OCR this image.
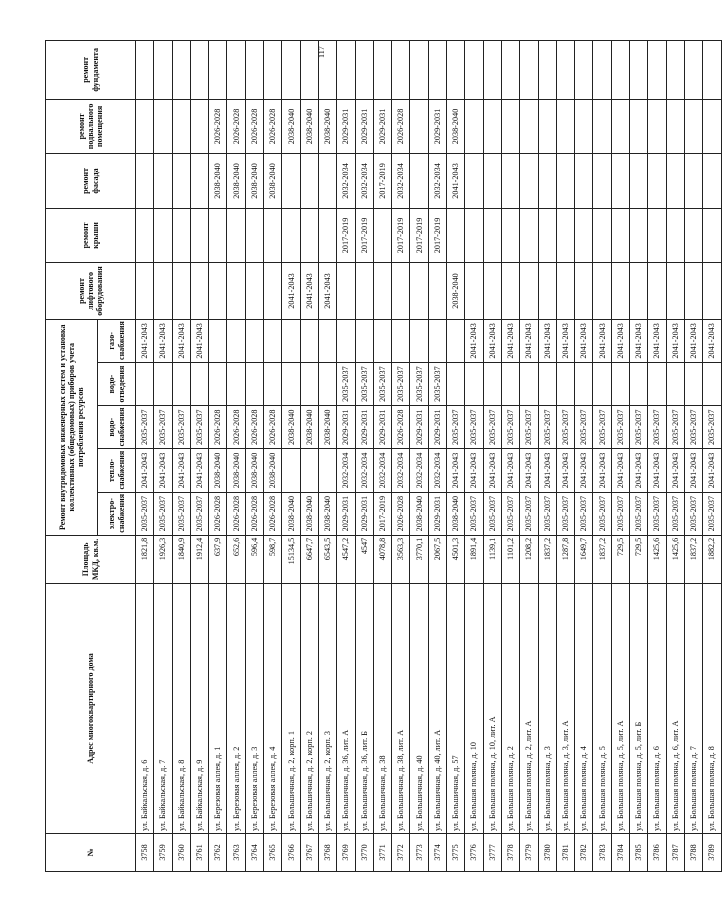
117
№	Адрес многоквартирного дома	Площадь МКД, кв.м.	Ремонт внутридомовых инженерных систем и установка коллективных (общедомовых) приборов учета потребления ресурсов					ремонт лифтового оборудования	ремонт крыши	ремонт фасада	ремонт подвального помещения	ремонт фундамента
			электро-снабжения	тепло-снабжения	водо-снабжения	водо-отведения	газо-снабжения					
3758	ул. Байкальская, д. 6	1821,8	2035-2037	2041-2043	2035-2037		2041-2043					
3759	ул. Байкальская, д. 7	1926,3	2035-2037	2041-2043	2035-2037		2041-2043					
3760	ул. Байкальская, д. 8	1840,9	2035-2037	2041-2043	2035-2037		2041-2043					
3761	ул. Байкальская, д. 9	1912,4	2035-2037	2041-2043	2035-2037		2041-2043					
3762	ул. Березовая аллея, д. 1	637,9	2026-2028	2038-2040	2026-2028					2038-2040	2026-2028	
3763	ул. Березовая аллея, д. 2	652,6	2026-2028	2038-2040	2026-2028					2038-2040	2026-2028	
3764	ул. Березовая аллея, д. 3	596,4	2026-2028	2038-2040	2026-2028					2038-2040	2026-2028	
3765	ул. Березовая аллея, д. 4	598,7	2026-2028	2038-2040	2026-2028					2038-2040	2026-2028	
3766	ул. Большичная, д. 2, корп. 1	15134,5	2038-2040		2038-2040			2041-2043			2038-2040	
3767	ул. Большичная, д. 2, корп. 2	6647,7	2038-2040		2038-2040			2041-2043			2038-2040	
3768	ул. Большичная, д. 2, корп. 3	6543,5	2038-2040		2038-2040			2041-2043			2038-2040	
3769	ул. Большичная, д. 36, лит. А	4547,2	2029-2031	2032-2034	2029-2031	2035-2037			2017-2019	2032-2034	2029-2031	
3770	ул. Большичная, д. 36, лит. Б	4547	2029-2031	2032-2034	2029-2031	2035-2037			2017-2019	2032-2034	2029-2031	
3771	ул. Большичная, д. 38	4078,8	2017-2019	2032-2034	2029-2031	2035-2037				2017-2019	2029-2031	
3772	ул. Большичная, д. 38, лит. А	3563,3	2026-2028	2032-2034	2026-2028	2035-2037			2017-2019	2032-2034	2026-2028	
3773	ул. Большичная, д. 40	3770,1	2038-2040	2032-2034	2029-2031	2035-2037			2017-2019			
3774	ул. Большичная, д. 40, лит. А	2067,5	2029-2031	2032-2034	2029-2031	2035-2037			2017-2019	2032-2034	2029-2031	
3775	ул. Большичная, д. 57	4501,3	2038-2040	2041-2043	2035-2037			2038-2040		2041-2043	2038-2040	
3776	ул. Большая поляна, д. 10	1891,4	2035-2037	2041-2043	2035-2037		2041-2043					
3777	ул. Большая поляна, д. 10, лит. А	1139,1	2035-2037	2041-2043	2035-2037		2041-2043					
3778	ул. Большая поляна, д. 2	1101,2	2035-2037	2041-2043	2035-2037		2041-2043					
3779	ул. Большая поляна, д. 2, лит. А	1208,2	2035-2037	2041-2043	2035-2037		2041-2043					
3780	ул. Большая поляна, д. 3	1837,2	2035-2037	2041-2043	2035-2037		2041-2043					
3781	ул. Большая поляна, д. 3, лит. А	1287,8	2035-2037	2041-2043	2035-2037		2041-2043					
3782	ул. Большая поляна, д. 4	1649,7	2035-2037	2041-2043	2035-2037		2041-2043					
3783	ул. Большая поляна, д. 5	1837,2	2035-2037	2041-2043	2035-2037		2041-2043					
3784	ул. Большая поляна, д. 5, лит. А	729,5	2035-2037	2041-2043	2035-2037		2041-2043					
3785	ул. Большая поляна, д. 5, лит. Б	729,5	2035-2037	2041-2043	2035-2037		2041-2043					
3786	ул. Большая поляна, д. 6	1425,6	2035-2037	2041-2043	2035-2037		2041-2043					
3787	ул. Большая поляна, д. 6, лит. А	1425,6	2035-2037	2041-2043	2035-2037		2041-2043					
3788	ул. Большая поляна, д. 7	1837,2	2035-2037	2041-2043	2035-2037		2041-2043					
3789	ул. Большая поляна, д. 8	1882,2	2035-2037	2041-2043	2035-2037		2041-2043					
